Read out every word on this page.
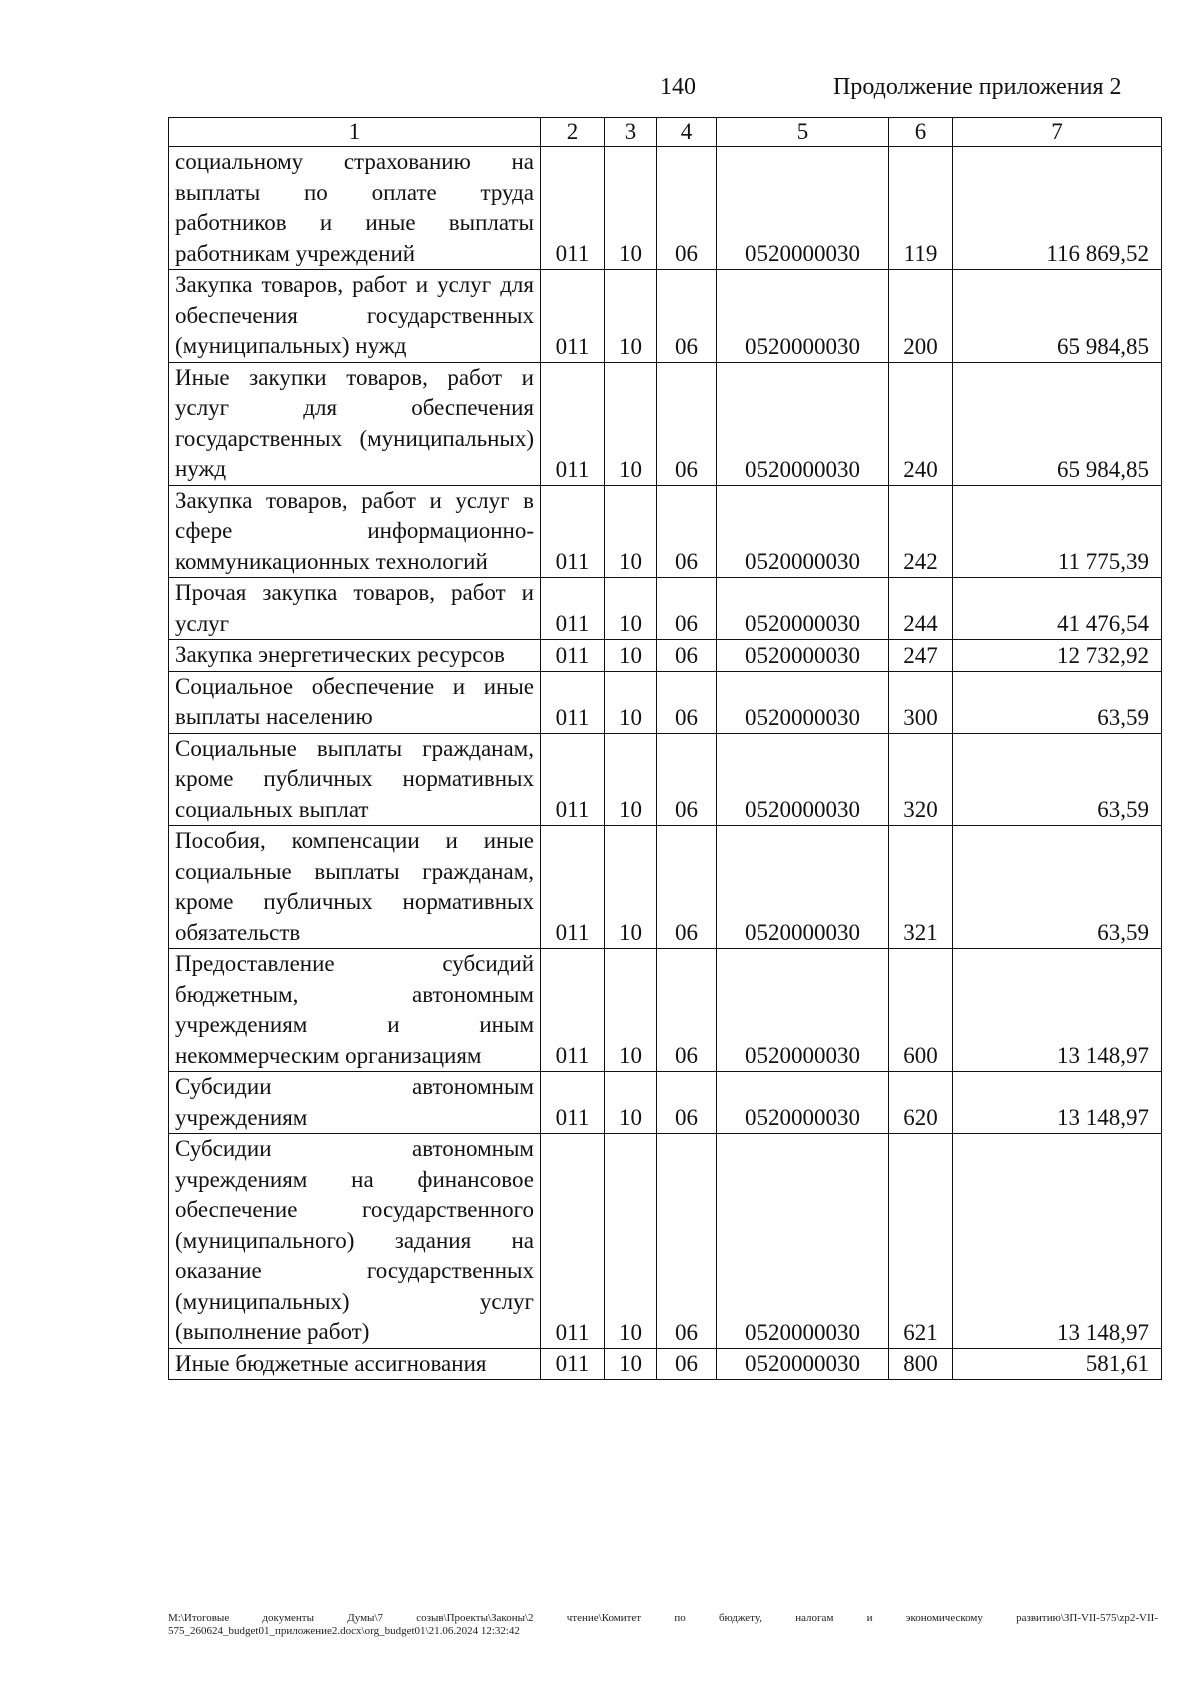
140	Продолжение приложения 2
1	2	3	4	5	6	7
социальному страхованию на выплаты по оплате труда работников и иные выплаты работникам учреждений	011	10	06	0520000030	119	116 869,52
Закупка товаров, работ и услуг для обеспечения государственных (муниципальных) нужд	011	10	06	0520000030	200	65 984,85
Иные закупки товаров, работ и услуг для обеспечения государственных (муниципальных) нужд	011	10	06	0520000030	240	65 984,85
Закупка товаров, работ и услуг в сфере информационно-коммуникационных технологий	011	10	06	0520000030	242	11 775,39
Прочая закупка товаров, работ и услуг	011	10	06	0520000030	244	41 476,54
Закупка энергетических ресурсов	011	10	06	0520000030	247	12 732,92
Социальное обеспечение и иные выплаты населению	011	10	06	0520000030	300	63,59
Социальные выплаты гражданам, кроме публичных нормативных социальных выплат	011	10	06	0520000030	320	63,59
Пособия, компенсации и иные социальные выплаты гражданам, кроме публичных нормативных обязательств	011	10	06	0520000030	321	63,59
Предоставление субсидий бюджетным, автономным учреждениям и иным некоммерческим организациям	011	10	06	0520000030	600	13 148,97
Субсидии автономным учреждениям	011	10	06	0520000030	620	13 148,97
Субсидии автономным учреждениям на финансовое обеспечение государственного (муниципального) задания на оказание государственных (муниципальных) услуг (выполнение работ)	011	10	06	0520000030	621	13 148,97
Иные бюджетные ассигнования	011	10	06	0520000030	800	581,61
M:\Итоговые документы Думы\7 созыв\Проекты\Законы\2 чтение\Комитет по бюджету, налогам и экономическому развитию\ЗП-VII-575\zp2-VII-575_260624_budget01_приложение2.docx\org_budget01\21.06.2024 12:32:42
